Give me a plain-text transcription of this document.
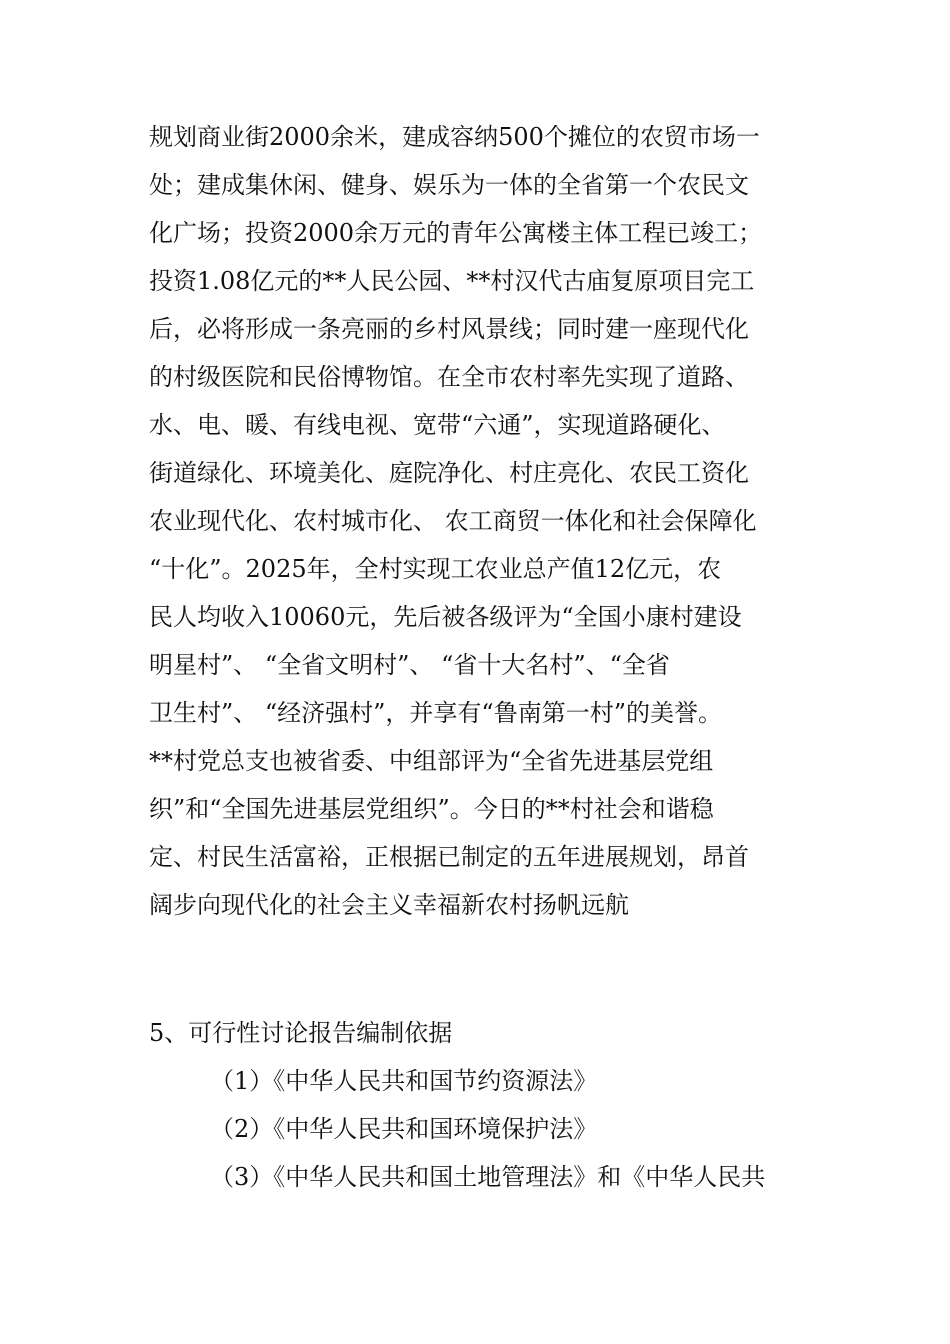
规划商业街2000余米，建成容纳500个摊位的农贸市场一
处；建成集休闲、健身、娱乐为一体的全省第一个农民文
化广场；投资2000余万元的青年公寓楼主体工程已竣工；
投资1.08亿元的**人民公园、**村汉代古庙复原项目完工
后，必将形成一条亮丽的乡村风景线；同时建一座现代化
的村级医院和民俗博物馆。在全市农村率先实现了道路、
水、电、暖、有线电视、宽带“六通”，实现道路硬化、
街道绿化、环境美化、庭院净化、村庄亮化、农民工资化
农业现代化、农村城市化、 农工商贸一体化和社会保障化
“十化”。2025年，全村实现工农业总产值12亿元，农
民人均收入10060元，先后被各级评为“全国小康村建设
明星村”、 “全省文明村”、 “省十大名村”、“全省
卫生村”、 “经济强村”，并享有“鲁南第一村”的美誉。
**村党总支也被省委、中组部评为“全省先进基层党组
织”和“全国先进基层党组织”。今日的**村社会和谐稳
定、村民生活富裕，正根据已制定的五年进展规划，昂首
阔步向现代化的社会主义幸福新农村扬帆远航
5、可行性讨论报告编制依据
（1）《中华人民共和国节约资源法》
（2）《中华人民共和国环境保护法》
（3）《中华人民共和国土地管理法》和《中华人民共
